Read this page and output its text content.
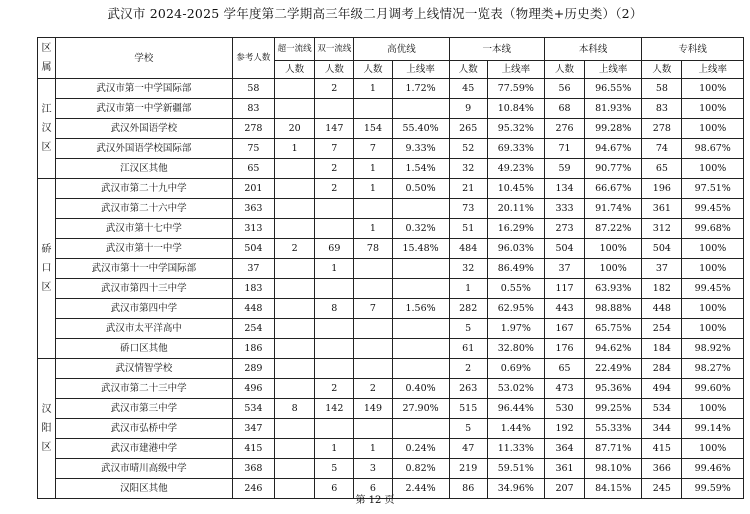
武汉市 2024-2025 学年度第二学期高三年级二月调考上线情况一览表（物理类+历史类）（2）
区属	学校	参考人数	超一流线	双一流线	高优线		一本线		本科线		专科线	
			人数	人数	人数	上线率	人数	上线率	人数	上线率	人数	上线率
江汉区	武汉市第一中学国际部	58		2	1	1.72%	45	77.59%	56	96.55%	58	100%
	武汉市第一中学新疆部	83					9	10.84%	68	81.93%	83	100%
	武汉外国语学校	278	20	147	154	55.40%	265	95.32%	276	99.28%	278	100%
	武汉外国语学校国际部	75	1	7	7	9.33%	52	69.33%	71	94.67%	74	98.67%
	江汉区其他	65		2	1	1.54%	32	49.23%	59	90.77%	65	100%
硚口区	武汉市第二十九中学	201		2	1	0.50%	21	10.45%	134	66.67%	196	97.51%
	武汉市第二十六中学	363					73	20.11%	333	91.74%	361	99.45%
	武汉市第十七中学	313			1	0.32%	51	16.29%	273	87.22%	312	99.68%
	武汉市第十一中学	504	2	69	78	15.48%	484	96.03%	504	100%	504	100%
	武汉市第十一中学国际部	37		1			32	86.49%	37	100%	37	100%
	武汉市第四十三中学	183					1	0.55%	117	63.93%	182	99.45%
	武汉市第四中学	448		8	7	1.56%	282	62.95%	443	98.88%	448	100%
	武汉市太平洋高中	254					5	1.97%	167	65.75%	254	100%
	硚口区其他	186					61	32.80%	176	94.62%	184	98.92%
汉阳区	武汉情智学校	289					2	0.69%	65	22.49%	284	98.27%
	武汉市第二十三中学	496		2	2	0.40%	263	53.02%	473	95.36%	494	99.60%
	武汉市第三中学	534	8	142	149	27.90%	515	96.44%	530	99.25%	534	100%
	武汉市弘桥中学	347					5	1.44%	192	55.33%	344	99.14%
	武汉市建港中学	415		1	1	0.24%	47	11.33%	364	87.71%	415	100%
	武汉市晴川高级中学	368		5	3	0.82%	219	59.51%	361	98.10%	366	99.46%
	汉阳区其他	246		6	6	2.44%	86	34.96%	207	84.15%	245	99.59%
第 12 页
